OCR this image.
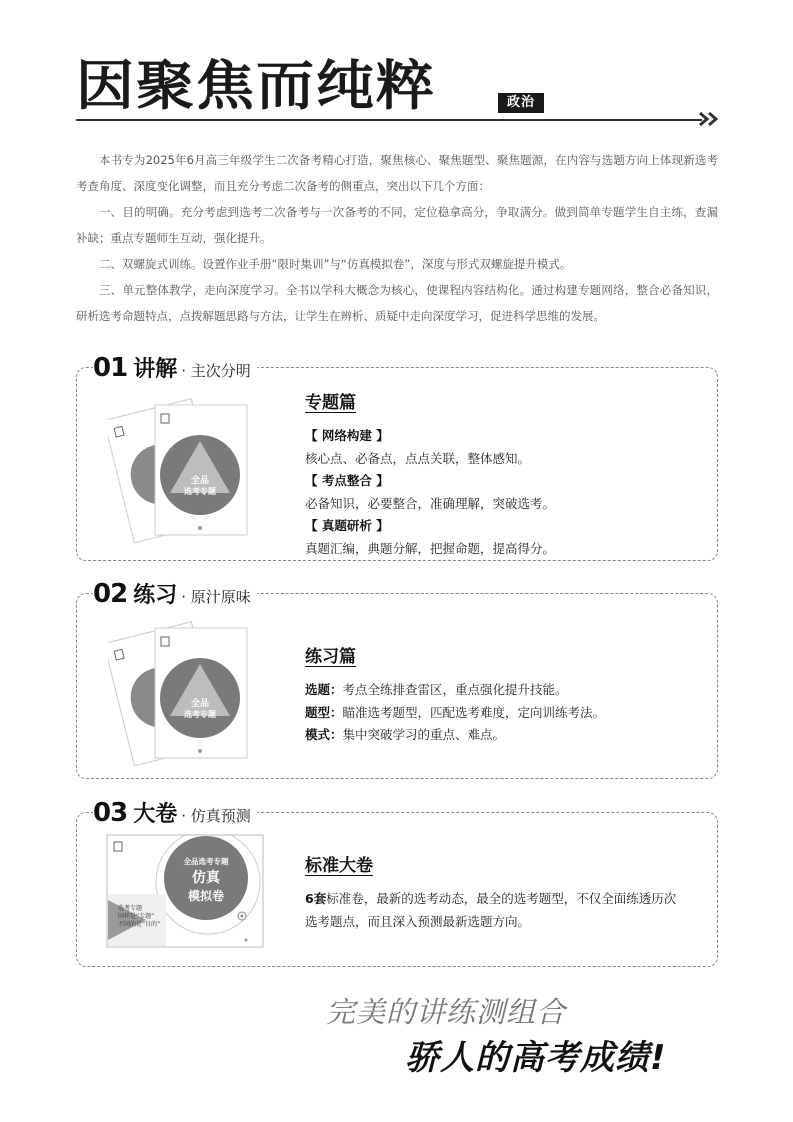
因聚焦而纯粹	政治

本书专为2025年6月高三年级学生二次备考精心打造，聚焦核心、聚焦题型、聚焦题源，在内容与选题方向上体现新选考考查角度、深度变化调整，而且充分考虑二次备考的侧重点，突出以下几个方面：

一、目的明确。充分考虑到选考二次备考与一次备考的不同，定位稳拿高分，争取满分。做到简单专题学生自主练，查漏补缺；重点专题师生互动，强化提升。

二、双螺旋式训练。设置作业手册“限时集训”与“仿真模拟卷”，深度与形式双螺旋提升模式。

三、单元整体教学，走向深度学习。全书以学科大概念为核心，使课程内容结构化。通过构建专题网络，整合必备知识，研析选考命题特点，点拨解题思路与方法，让学生在辨析、质疑中走向深度学习，促进科学思维的发展。

01 讲解 · 主次分明
全品
选考专题
专题篇
【 网络构建 】
核心点、必备点，点点关联，整体感知。
【 考点整合 】
必备知识，必要整合，准确理解，突破选考。
【 真题研析 】
真题汇编，典题分解，把握命题，提高得分。
02 练习 · 原汁原味
全品
选考专题
练习篇
选题：考点全练排查雷区，重点强化提升技能。
题型：瞄准选考题型，匹配选考难度，定向训练考法。
模式：集中突破学习的重点、难点。
03 大卷 · 仿真预测
全品选考专题
仿真
模拟卷
选考专题
同样是“专题”
不同的是“目的”
标准大卷
6套标准卷，最新的选考动态，最全的选考题型，不仅全面练透历次
选考题点，而且深入预测最新选题方向。
完美的讲练测组合
骄人的高考成绩!
